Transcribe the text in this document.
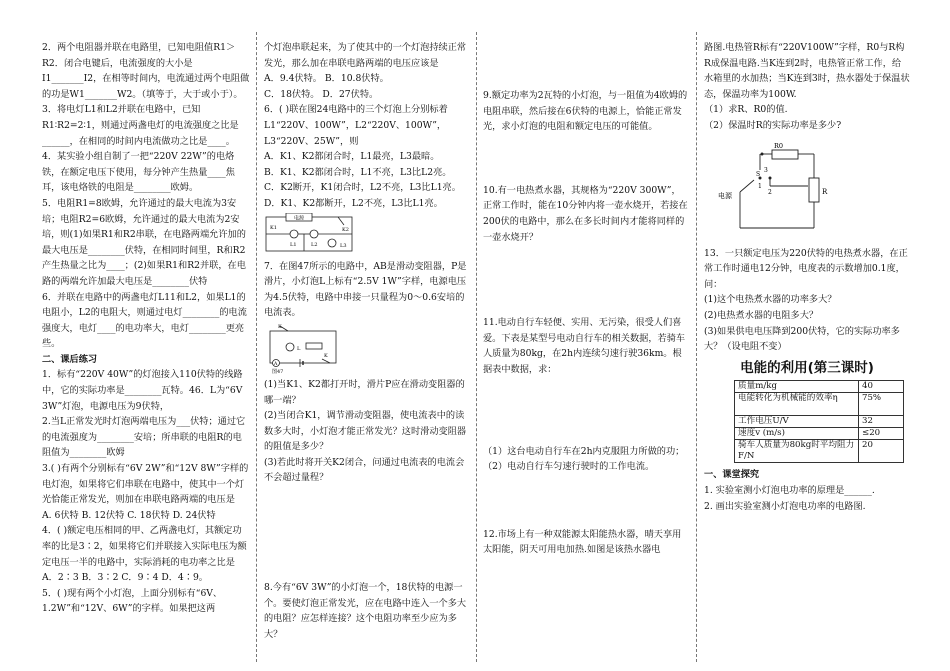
2．两个电阻器并联在电路里，已知电阻值R1＞R2．闭合电键后，电流强度的大小是I1_______I2，在相等时间内，电流通过两个电阻做的功是W1_______W2。（填等于，大于或小于）。

3．将电灯L1和L2并联在电路中，已知R1∶R2=2∶1，则通过两盏电灯的电流强度之比是______，在相同的时间内电流做功之比是____。

4．某实验小组自制了一把“220V 22W”的电烙铁，在额定电压下使用，每分钟产生热量____焦耳，该电烙铁的电阻是________欧姆。

5．电阻R1=8欧姆，允许通过的最大电流为3安培；电阻R2=6欧姆，允许通过的最大电流为2安培，则(1)如果R1和R2串联，在电路两端允许加的最大电压是________伏特，在相同时间里，R和R2产生热量之比为____；(2)如果R1和R2并联，在电路的两端允许加最大电压是________伏特

6．并联在电路中的两盏电灯L11和L2，如果L1的电阻小，L2的电阻大，则通过电灯________的电流强度大，电灯____的电功率大，电灯________更亮些。

二、课后练习

1．标有“220V 40W”的灯泡接入110伏特的线路中，它的实际功率是________瓦特。46．L为“6V 3W”灯泡，电源电压为9伏特，

2.当L正常发光时灯泡两端电压为___伏特；通过它的电流强度为________安培；所串联的电阻R的电阻值为________欧姆

3.( )有两个分别标有“6V 2W”和“12V 8W”字样的电灯泡，如果将它们串联在电路中，使其中一个灯光恰能正常发光，则加在串联电路两端的电压是

A. 6伏特 B. 12伏特 C. 18伏特 D. 24伏特

4．( )额定电压相同的甲、乙两盏电灯，其额定功率的比是3∶2，如果将它们并联接入实际电压为额定电压一半的电路中，实际消耗的电功率之比是A．2∶3 B．3∶2 C．9∶4 D．4∶9。

5．( )现有两个小灯泡，上面分别标有“6V、1.2W”和“12V、6W”的字样。如果把这两

个灯泡串联起来，为了使其中的一个灯泡持续正常发光，那么加在串联电路两端的电压应该是

A．9.4伏特。 B．10.8伏特。

C．18伏特。 D．27伏特。

6．( )联在图24电路中的三个灯泡上分别标着L1“220V、100W”，L2“220V、100W”，L3“220V、25W”，则

A．K1、K2都闭合时，L1最亮，L3最暗。

B．K1、K2都闭合时，L1不亮，L3比L2亮。

C．K2断开，K1闭合时，L2不亮，L3比L1亮。

D．K1、K2都断开，L2不亮，L3比L1亮。

电源
L1	L2	L3
K1	K2

7．在图47所示的电路中，AB是滑动变阻器，P是滑片，小灯泡L上标有“2.5V 1W”字样，电源电压为4.5伏特，电路中串接一只量程为0～0.6安培的电流表。

K
L
A
K
图47

(1)当K1、K2都打开时，滑片P应在滑动变阻器的哪一端？

(2)当闭合K1，调节滑动变阻器，使电流表中的读数多大时，小灯泡才能正常发光？这时滑动变阻器的阻值是多少？

(3)若此时将开关K2闭合，问通过电流表的电流会不会超过量程？

8.今有“6V 3W”的小灯泡一个，18伏特的电源一个。要使灯泡正常发光，应在电路中连入一个多大的电阻？应怎样连接？这个电阻功率至少应为多大？

9.额定功率为2瓦特的小灯泡，与一阻值为4欧姆的电阻串联，然后接在6伏特的电源上，恰能正常发光，求小灯泡的电阻和额定电压的可能值。

10.有一电热煮水器，其规格为“220V 300W”，正常工作时，能在10分钟内将一壶水烧开，若接在200伏的电路中，那么在多长时间内才能将同样的一壶水烧开？

11.电动自行车轻便、实用、无污染，很受人们喜爱。下表是某型号电动自行车的相关数据，若骑车人质量为80kg，在2h内连续匀速行驶36km。根据表中数据，求：

（1）这台电动自行车在2h内克服阻力所做的功；

（2）电动自行车匀速行驶时的工作电流。

12.市场上有一种双能源太阳能热水器，晴天享用太阳能，阴天可用电加热.如图是该热水器电

路图.电热管R标有“220V100W”字样，R0与R构R成保温电路.当K连到2时，电热管正常工作，给水箱里的水加热；当K连到3时，热水器处于保温状态，保温功率为100W.

（1）求R、R0的值.

（2）保温时R的实际功率是多少?

R0
R
S
3
1
2
电源

13．一只额定电压为220伏特的电热煮水器，在正常工作时通电12分钟，电度表的示数增加0.1度，问：

(1)这个电热煮水器的功率多大？

(2)电热煮水器的电阻多大？

(3)如果供电电压降到200伏特，它的实际功率多大？（设电阻不变）

电能的利用(第三课时)
质量m/kg	40
电能转化为机械能的效率η	75%
工作电压U/V	32
速度v (m/s)	≤20
骑车人质量为80kg时平均阻力F/N	20

一、课堂探究

1. 实验室测小灯泡电功率的原理是______.

2. 画出实验室测小灯泡电功率的电路图.
